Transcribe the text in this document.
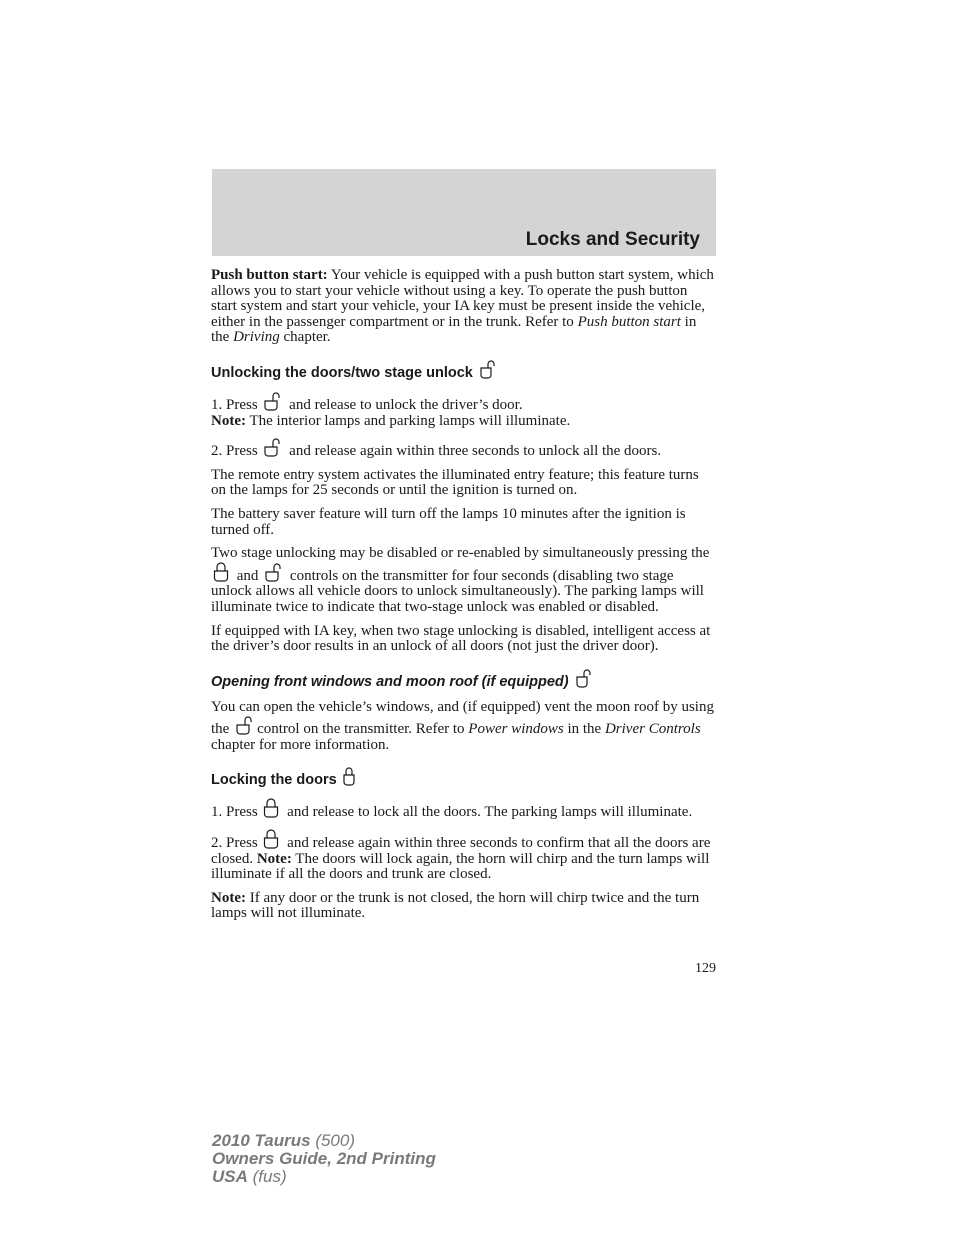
Locks and Security

Push button start: Your vehicle is equipped with a push button start system, which allows you to start your vehicle without using a key. To operate the push button start system and start your vehicle, your IA key must be present inside the vehicle, either in the passenger compartment or in the trunk. Refer to Push button start in the Driving chapter.

Unlocking the doors/two stage unlock

1. Press and release to unlock the driver’s door.

Note: The interior lamps and parking lamps will illuminate.

2. Press and release again within three seconds to unlock all the doors.

The remote entry system activates the illuminated entry feature; this feature turns on the lamps for 25 seconds or until the ignition is turned on.

The battery saver feature will turn off the lamps 10 minutes after the ignition is turned off.

Two stage unlocking may be disabled or re-enabled by simultaneously pressing the
and controls on the transmitter for four seconds (disabling two stage unlock allows all vehicle doors to unlock simultaneously). The parking lamps will illuminate twice to indicate that two-stage unlock was enabled or disabled.

If equipped with IA key, when two stage unlocking is disabled, intelligent access at the driver’s door results in an unlock of all doors (not just the driver door).

Opening front windows and moon roof (if equipped)

You can open the vehicle’s windows, and (if equipped) vent the moon roof by using the control on the transmitter. Refer to Power windows in the Driver Controls chapter for more information.

Locking the doors

1. Press and release to lock all the doors. The parking lamps will illuminate.

2. Press and release again within three seconds to confirm that all the doors are closed. Note: The doors will lock again, the horn will chirp and the turn lamps will illuminate if all the doors and trunk are closed.

Note: If any door or the trunk is not closed, the horn will chirp twice and the turn lamps will not illuminate.

129
2010 Taurus (500)
Owners Guide, 2nd Printing
USA (fus)
